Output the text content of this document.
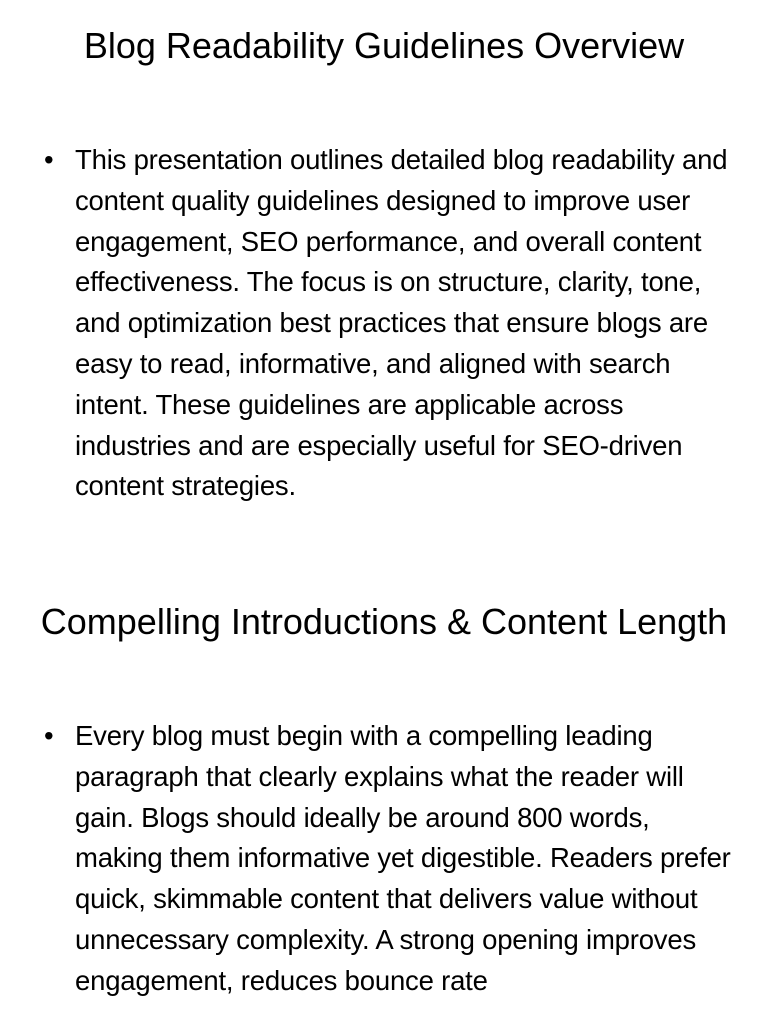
Blog Readability Guidelines Overview
• This presentation outlines detailed blog readability and content quality guidelines designed to improve user engagement, SEO performance, and overall content effectiveness. The focus is on structure, clarity, tone, and optimization best practices that ensure blogs are easy to read, informative, and aligned with search intent. These guidelines are applicable across industries and are especially useful for SEO-driven content strategies.
Compelling Introductions & Content Length
• Every blog must begin with a compelling leading paragraph that clearly explains what the reader will gain. Blogs should ideally be around 800 words, making them informative yet digestible. Readers prefer quick, skimmable content that delivers value without unnecessary complexity. A strong opening improves engagement, reduces bounce rate
